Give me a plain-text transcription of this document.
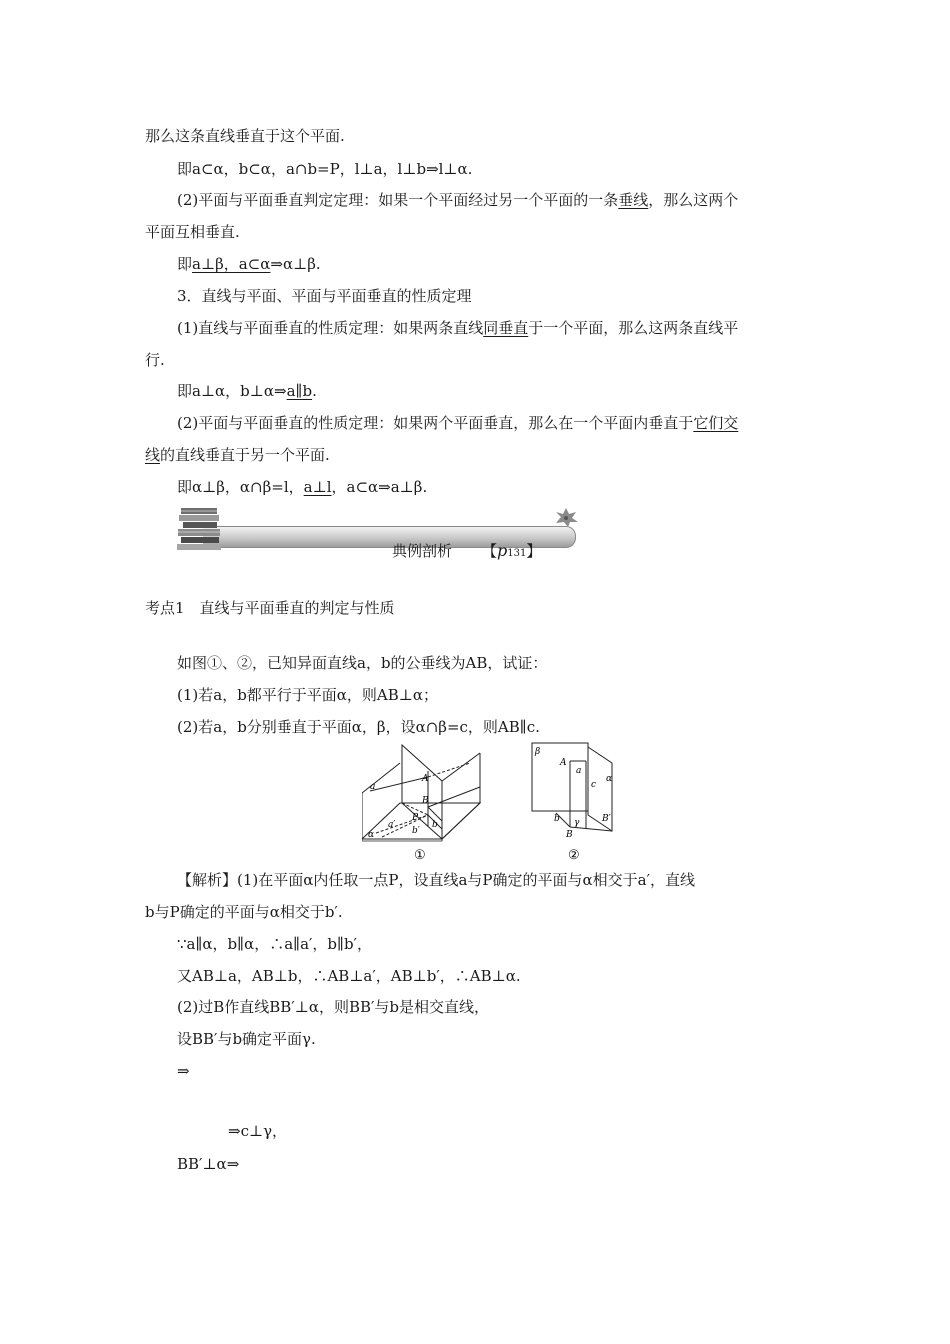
那么这条直线垂直于这个平面.
即a⊂α，b⊂α，a∩b=P，l⊥a，l⊥b⇒l⊥α.
(2)平面与平面垂直判定定理：如果一个平面经过另一个平面的一条垂线，那么这两个
平面互相垂直.
即a⊥β，a⊂α⇒α⊥β.
3．直线与平面、平面与平面垂直的性质定理
(1)直线与平面垂直的性质定理：如果两条直线同垂直于一个平面，那么这两条直线平
行.
即a⊥α，b⊥α⇒a∥b.
(2)平面与平面垂直的性质定理：如果两个平面垂直，那么在一个平面内垂直于它们交
线的直线垂直于另一个平面.
即α⊥β，α∩β=l，a⊥l，a⊂α⇒a⊥β.
典例剖析 【p131】
考点1　直线与平面垂直的判定与性质
如图①、②，已知异面直线a，b的公垂线为AB，试证：
(1)若a，b都平行于平面α，则AB⊥α；
(2)若a，b分别垂直于平面α，β，设α∩β=c，则AB∥c.
a
A
B
P
a′
b′
b
α
①
β
A
a
c
α
b γ
B
B′
②
【解析】(1)在平面α内任取一点P，设直线a与P确定的平面与α相交于a′，直线
b与P确定的平面与α相交于b′.
∵a∥α，b∥α，∴a∥a′，b∥b′，
又AB⊥a，AB⊥b，∴AB⊥a′，AB⊥b′，∴AB⊥α.
(2)过B作直线BB′⊥α，则BB′与b是相交直线，
设BB′与b确定平面γ.
⇒
⇒c⊥γ，
BB′⊥α⇒
